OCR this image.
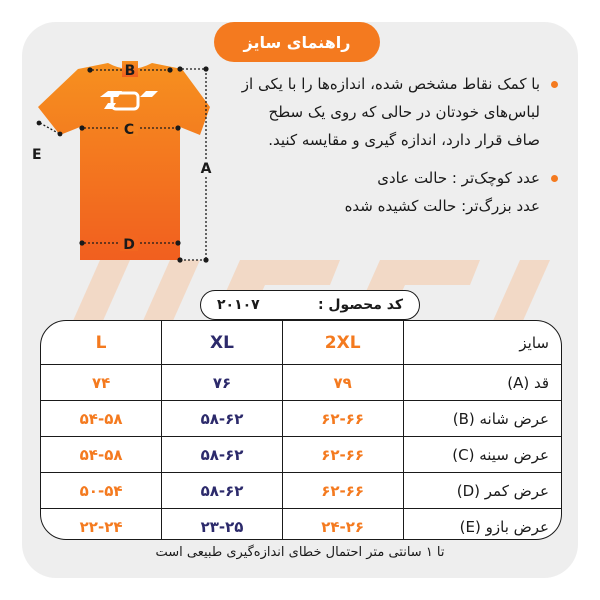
راهنمای سایز
B
C
D
E
A
با کمک نقاط مشخص شده، اندازه‌ها را با یکی از لباس‌های خودتان در حالی که روی یک سطح صاف قرار دارد، اندازه گیری و مقایسه کنید.
عدد کوچک‌تر : حالت عادی
عدد بزرگ‌تر: حالت کشیده شده
کد محصول :
۲۰۱۰۷
سایز	2XL	XL	L
قد (A)	۷۹	۷۶	۷۴
عرض شانه (B)	۶۲-۶۶	۵۸-۶۲	۵۴-۵۸
عرض سینه (C)	۶۲-۶۶	۵۸-۶۲	۵۴-۵۸
عرض کمر (D)	۶۲-۶۶	۵۸-۶۲	۵۰-۵۴
عرض بازو (E)	۲۴-۲۶	۲۳-۲۵	۲۲-۲۴
تا ۱ سانتی متر احتمال خطای اندازه‌گیری طبیعی است
